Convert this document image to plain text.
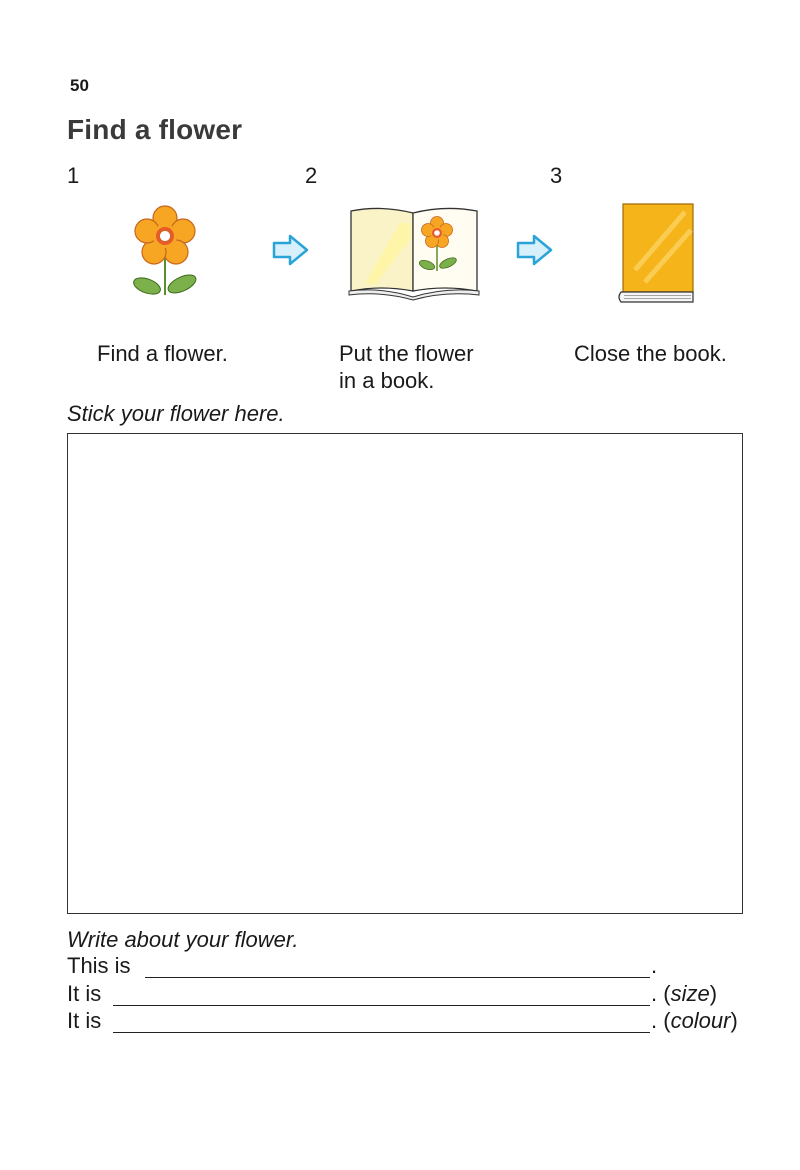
50
Find a flower
1	2	3
Find a flower.	Put the flower
in a book.
Close the book.
Stick your flower here.
Write about your flower.
This is	.
It is	. (size)
It is	. (colour)
